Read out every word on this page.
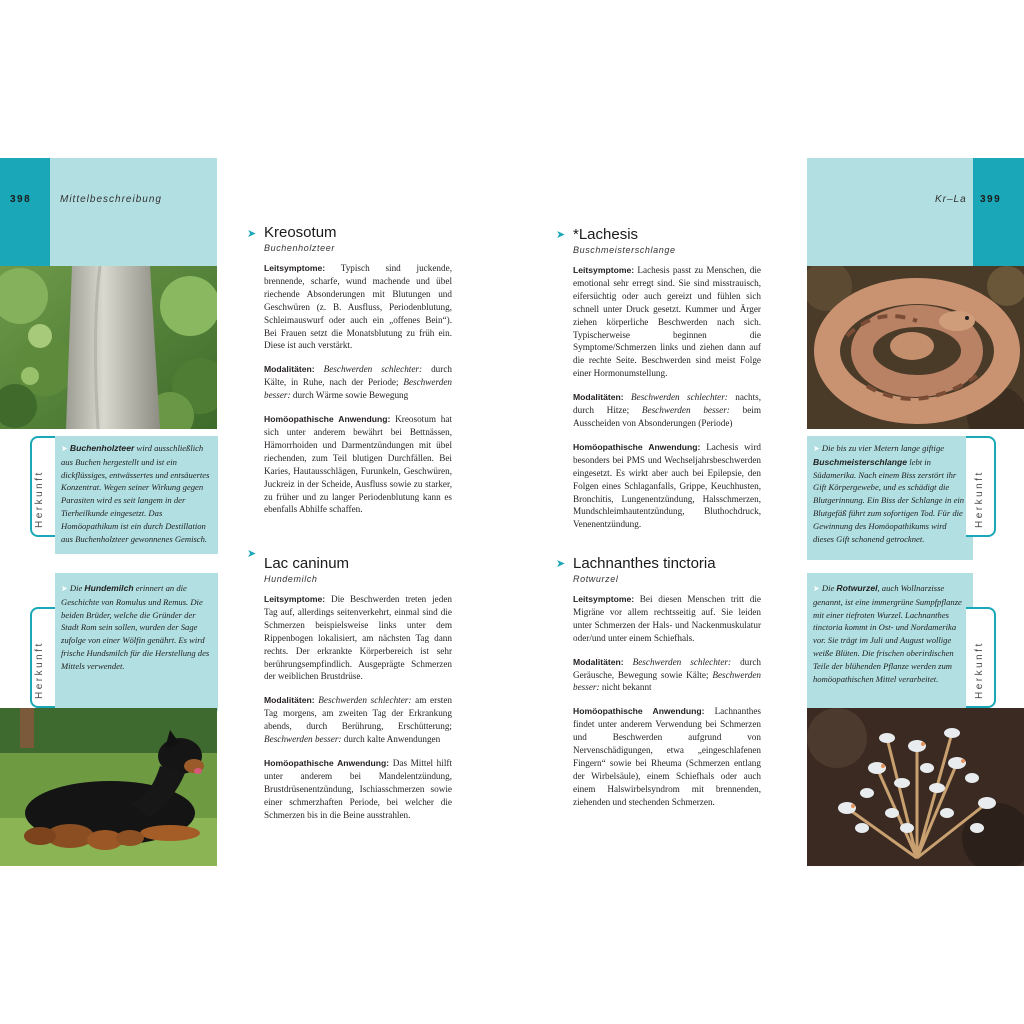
398	Mittelbeschreibung
Herkunft
➤ Buchenholzteer wird ausschließlich aus Buchen hergestellt und ist ein dickflüssiges, entwässertes und entsäuertes Konzentrat. Wegen seiner Wirkung gegen Parasiten wird es seit langem in der Tierheilkunde eingesetzt. Das Homöopathikum ist ein durch Destillation aus Buchenholzteer gewonnenes Gemisch.
Herkunft
➤ Die Hundemilch erinnert an die Geschichte von Romulus und Remus. Die beiden Brüder, welche die Gründer der Stadt Rom sein sollen, wurden der Sage zufolge von einer Wölfin genährt. Es wird frische Hundsmilch für die Herstellung des Mittels verwendet.
➤ Kreosotum
Buchenholzteer

Leitsymptome: Typisch sind juckende, brennende, scharfe, wund machende und übel riechende Absonderungen mit Blutungen und Geschwüren (z. B. Ausfluss, Periodenblutung, Schleimauswurf oder auch ein „offenes Bein“). Bei Frauen setzt die Monatsblutung zu früh ein. Diese ist auch verstärkt.

Modalitäten: Beschwerden schlechter: durch Kälte, in Ruhe, nach der Periode; Beschwerden besser: durch Wärme sowie Bewegung

Homöopathische Anwendung: Kreosotum hat sich unter anderem bewährt bei Bettnässen, Hämorrhoiden und Darmentzündungen mit übel riechenden, zum Teil blutigen Durchfällen. Bei Karies, Hautausschlägen, Furunkeln, Geschwüren, Juckreiz in der Scheide, Ausfluss sowie zu starker, zu früher und zu langer Periodenblutung kann es ebenfalls Abhilfe schaffen.

➤
Lac caninum
Hundemilch

Leitsymptome: Die Beschwerden treten jeden Tag auf, allerdings seitenverkehrt, einmal sind die Schmerzen beispielsweise links unter dem Rippenbogen lokalisiert, am nächsten Tag dann rechts. Der erkrankte Körperbereich ist sehr berührungsempfindlich. Ausgeprägte Schmerzen der weiblichen Brustdrüse.

Modalitäten: Beschwerden schlechter: am ersten Tag morgens, am zweiten Tag der Erkrankung abends, durch Berührung, Erschütterung; Beschwerden besser: durch kalte Anwendungen

Homöopathische Anwendung: Das Mittel hilft unter anderem bei Mandelentzündung, Brustdrüsenentzündung, Ischiasschmerzen sowie einer schmerzhaften Periode, bei welcher die Schmerzen bis in die Beine ausstrahlen.

➤ *Lachesis
Buschmeisterschlange

Leitsymptome: Lachesis passt zu Menschen, die emotional sehr erregt sind. Sie sind misstrauisch, eifersüchtig oder auch gereizt und fühlen sich schnell unter Druck gesetzt. Kummer und Ärger ziehen körperliche Beschwerden nach sich. Typischerweise beginnen die Symptome/Schmerzen links und ziehen dann auf die rechte Seite. Beschwerden sind meist Folge einer Hormonumstellung.

Modalitäten: Beschwerden schlechter: nachts, durch Hitze; Beschwerden besser: beim Ausscheiden von Absonderungen (Periode)

Homöopathische Anwendung: Lachesis wird besonders bei PMS und Wechseljahrsbeschwerden eingesetzt. Es wirkt aber auch bei Epilepsie, den Folgen eines Schlaganfalls, Grippe, Keuchhusten, Bronchitis, Lungenentzündung, Halsschmerzen, Mundschleimhautentzündung, Bluthochdruck, Venenentzündung.

➤ Lachnanthes tinctoria
Rotwurzel

Leitsymptome: Bei diesen Menschen tritt die Migräne vor allem rechtsseitig auf. Sie leiden unter Schmerzen der Hals- und Nackenmuskulatur oder/und unter einem Schiefhals.

Modalitäten: Beschwerden schlechter: durch Geräusche, Bewegung sowie Kälte; Beschwerden besser: nicht bekannt

Homöopathische Anwendung: Lachnanthes findet unter anderem Verwendung bei Schmerzen und Beschwerden aufgrund von Nervenschädigungen, etwa „eingeschlafenen Fingern“ sowie bei Rheuma (Schmerzen entlang der Wirbelsäule), einem Schiefhals oder auch einem Halswirbelsyndrom mit brennenden, ziehenden und stechenden Schmerzen.

Kr–La 399
➤ Die bis zu vier Metern lange giftige Buschmeisterschlange lebt in Südamerika. Nach einem Biss zerstört ihr Gift Körpergewebe, und es schädigt die Blutgerinnung. Ein Biss der Schlange in ein Blutgefäß führt zum sofortigen Tod. Für die Gewinnung des Homöopathikums wird dieses Gift schonend getrocknet.
Herkunft
➤ Die Rotwurzel, auch Wollnarzisse genannt, ist eine immergrüne Sumpfpflanze mit einer tiefroten Wurzel. Lachnanthes tinctoria kommt in Ost- und Nordamerika vor. Sie trägt im Juli und August wollige weiße Blüten. Die frischen oberirdischen Teile der blühenden Pflanze werden zum homöopathischen Mittel verarbeitet.	Herkunft
